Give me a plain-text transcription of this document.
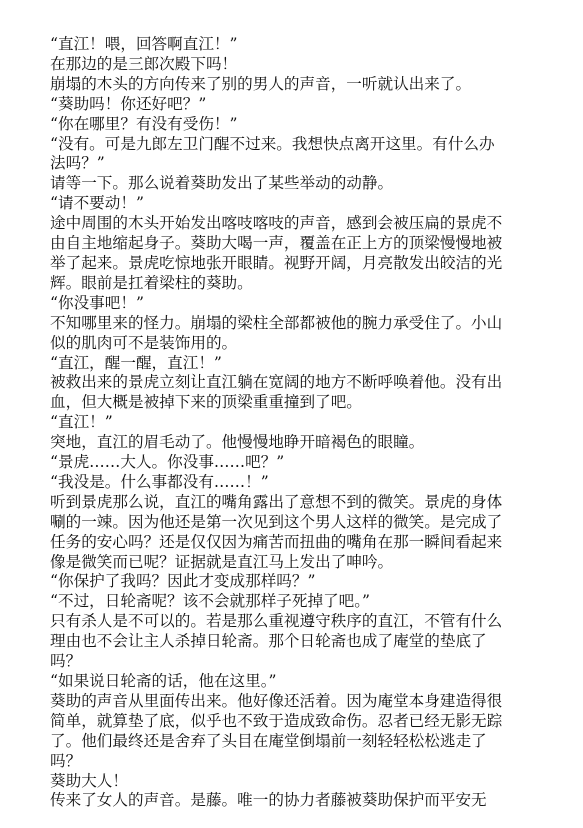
“直江！喂，回答啊直江！”

在那边的是三郎次殿下吗！

崩塌的木头的方向传来了别的男人的声音，一听就认出来了。

“葵助吗！你还好吧？”

“你在哪里？有没有受伤！”

“没有。可是九郎左卫门醒不过来。我想快点离开这里。有什么办

法吗？”

请等一下。那么说着葵助发出了某些举动的动静。

“请不要动！”

途中周围的木头开始发出喀吱喀吱的声音，感到会被压扁的景虎不

由自主地缩起身子。葵助大喝一声，覆盖在正上方的顶梁慢慢地被

举了起来。景虎吃惊地张开眼睛。视野开阔，月亮散发出皎洁的光

辉。眼前是扛着梁柱的葵助。

“你没事吧！”

不知哪里来的怪力。崩塌的梁柱全部都被他的腕力承受住了。小山

似的肌肉可不是装饰用的。

“直江，醒一醒，直江！”

被救出来的景虎立刻让直江躺在宽阔的地方不断呼唤着他。没有出

血，但大概是被掉下来的顶梁重重撞到了吧。

“直江！”

突地，直江的眉毛动了。他慢慢地睁开暗褐色的眼瞳。

“景虎……大人。你没事……吧？”

“我没是。什么事都没有……！”

听到景虎那么说，直江的嘴角露出了意想不到的微笑。景虎的身体

唰的一竦。因为他还是第一次见到这个男人这样的微笑。是完成了

任务的安心吗？还是仅仅因为痛苦而扭曲的嘴角在那一瞬间看起来

像是微笑而已呢？证据就是直江马上发出了呻吟。

“你保护了我吗？因此才变成那样吗？”

“不过，日轮斋呢？该不会就那样子死掉了吧。”

只有杀人是不可以的。若是那么重视遵守秩序的直江，不管有什么

理由也不会让主人杀掉日轮斋。那个日轮斋也成了庵堂的垫底了

吗？

“如果说日轮斋的话，他在这里。”

葵助的声音从里面传出来。他好像还活着。因为庵堂本身建造得很

简单，就算垫了底，似乎也不致于造成致命伤。忍者已经无影无踪

了。他们最终还是舍弃了头目在庵堂倒塌前一刻轻轻松松逃走了

吗？

葵助大人！

传来了女人的声音。是藤。唯一的协力者藤被葵助保护而平安无
